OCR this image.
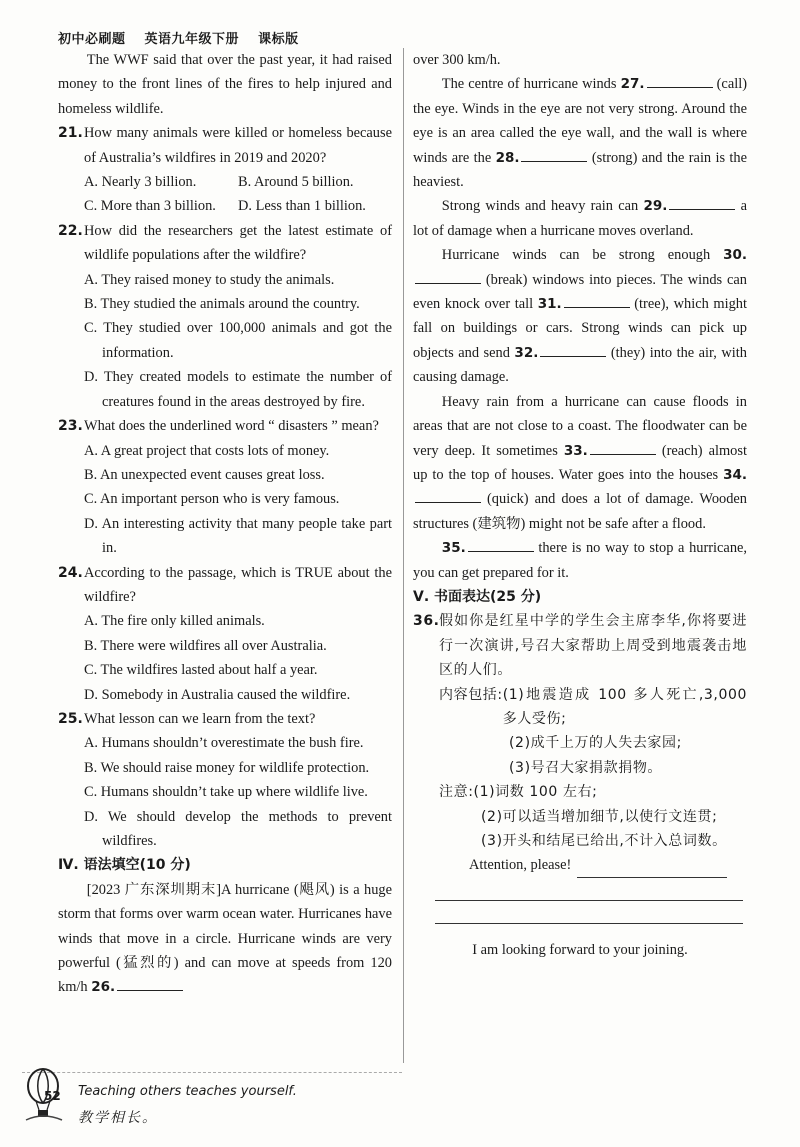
初中必刷题 英语九年级下册 课标版

The WWF said that over the past year, it had raised money to the front lines of the fires to help injured and homeless wildlife.

21. How many animals were killed or homeless because of Australia’s wildfires in 2019 and 2020?

A. Nearly 3 billion.	B. Around 5 billion.
C. More than 3 billion.	D. Less than 1 billion.
22. How did the researchers get the latest estimate of wildlife populations after the wildfire?

A. They raised money to study the animals.

B. They studied the animals around the country.

C. They studied over 100,000 animals and got the information.

D. They created models to estimate the number of creatures found in the areas destroyed by fire.

23. What does the underlined word “ disasters ” mean?

A. A great project that costs lots of money.

B. An unexpected event causes great loss.

C. An important person who is very famous.

D. An interesting activity that many people take part in.

24. According to the passage, which is TRUE about the wildfire?

A. The fire only killed animals.

B. There were wildfires all over Australia.

C. The wildfires lasted about half a year.

D. Somebody in Australia caused the wildfire.

25. What lesson can we learn from the text?

A. Humans shouldn’t overestimate the bush fire.

B. We should raise money for wildlife protection.

C. Humans shouldn’t take up where wildlife live.

D. We should develop the methods to prevent wildfires.

Ⅳ. 语法填空(10 分)

[2023 广东深圳期末]A hurricane (飓风) is a huge storm that forms over warm ocean water. Hurricanes have winds that move in a circle. Hurricane winds are very powerful (猛烈的) and can move at speeds from 120 km/h 26.

over 300 km/h.

The centre of hurricane winds 27.	(call) the eye. Winds in the eye are not very strong. Around the eye is an area called the eye wall, and the wall is where winds are the 28.	(strong) and the rain is the heaviest.

Strong winds and heavy rain can 29.	a lot of damage when a hurricane moves overland.

Hurricane winds can be strong enough 30. (break) windows into pieces. The winds can even knock over tall 31.	(tree), which might fall on buildings or cars. Strong winds can pick up objects and send 32.	(they) into the air, with causing damage.

Heavy rain from a hurricane can cause floods in areas that are not close to a coast. The floodwater can be very deep. It sometimes 33.	(reach) almost up to the top of houses. Water goes into the houses 34. (quick) and does a lot of damage. Wooden structures (建筑物) might not be safe after a flood.

35.	there is no way to stop a hurricane, you can get prepared for it.

Ⅴ. 书面表达(25 分)

36. 假如你是红星中学的学生会主席李华,你将要进行一次演讲,号召大家帮助上周受到地震袭击地区的人们。

内容包括: (1)地震造成 100 多人死亡,3,000 多人受伤;

(2)成千上万的人失去家园;

(3)号召大家捐款捐物。

注意: (1)词数 100 左右;

(2)可以适当增加细节,以使行文连贯;

(3)开头和结尾已给出,不计入总词数。

Attention, please!

I am looking forward to your joining.

52 Teaching others teaches yourself.
教学相长。
